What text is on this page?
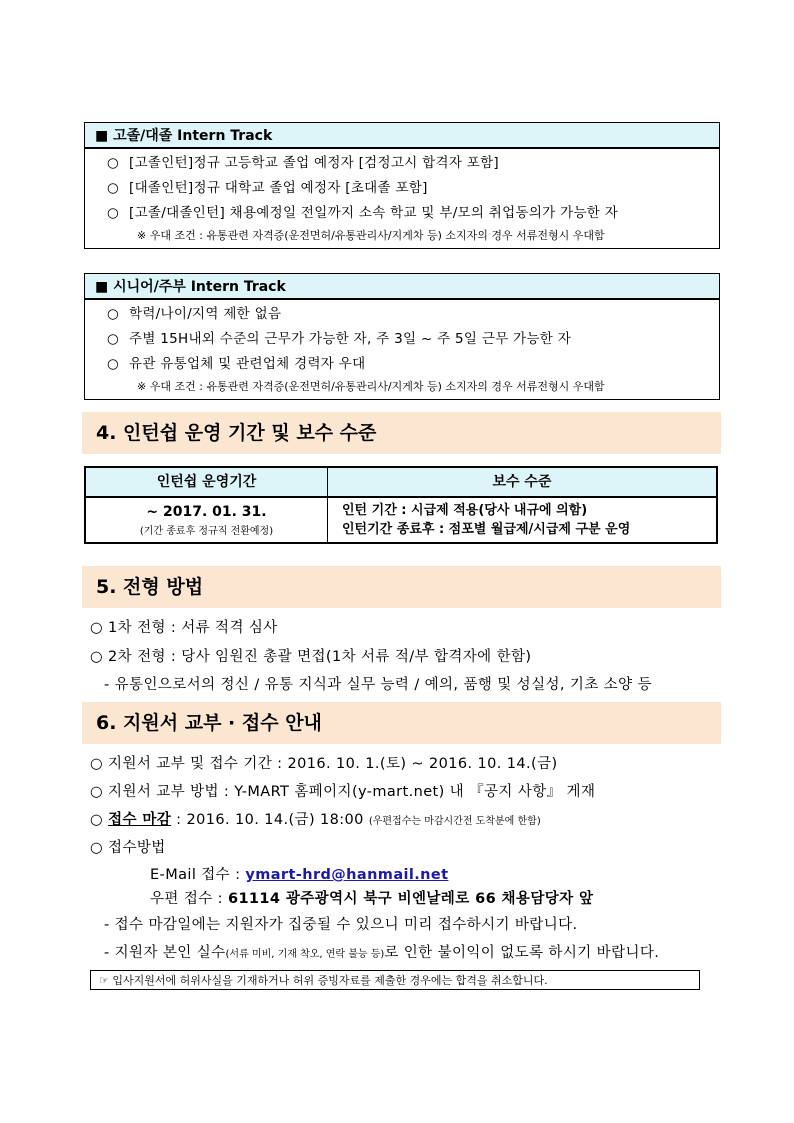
■ 고졸/대졸 Intern Track
○ [고졸인턴]정규 고등학교 졸업 예정자 [검정고시 합격자 포함]
○ [대졸인턴]정규 대학교 졸업 예정자 [초대졸 포함]
○ [고졸/대졸인턴] 채용예정일 전일까지 소속 학교 및 부/모의 취업동의가 가능한 자
※ 우대 조건 : 유통관련 자격증(운전면허/유통관리사/지게차 등) 소지자의 경우 서류전형시 우대함
■ 시니어/주부 Intern Track
○ 학력/나이/지역 제한 없음
○ 주별 15H내외 수준의 근무가 가능한 자, 주 3일 ~ 주 5일 근무 가능한 자
○ 유관 유통업체 및 관련업체 경력자 우대
※ 우대 조건 : 유통관련 자격증(운전면허/유통관리사/지게차 등) 소지자의 경우 서류전형시 우대함
4. 인턴쉽 운영 기간 및 보수 수준
인턴쉽 운영기간	보수 수준
~ 2017. 01. 31.
(기간 종료후 정규직 전환예정)
인턴 기간 : 시급제 적용(당사 내규에 의함)
인턴기간 종료후 : 점포별 월급제/시급제 구분 운영
5. 전형 방법
○ 1차 전형 : 서류 적격 심사
○ 2차 전형 : 당사 임원진 총괄 면접(1차 서류 적/부 합격자에 한함)
- 유통인으로서의 정신 / 유통 지식과 실무 능력 / 예의, 품행 및 성실성, 기초 소양 등
6. 지원서 교부 · 접수 안내
○ 지원서 교부 및 접수 기간 : 2016. 10. 1.(토) ~ 2016. 10. 14.(금)
○ 지원서 교부 방법 : Y-MART 홈페이지(y-mart.net) 내 『공지 사항』 게재
○ 접수 마감 : 2016. 10. 14.(금) 18:00 (우편접수는 마감시간전 도착분에 한함)
○ 접수방법
E-Mail 접수 : ymart-hrd@hanmail.net
우편 접수 : 61114 광주광역시 북구 비엔날레로 66 채용담당자 앞
- 접수 마감일에는 지원자가 집중될 수 있으니 미리 접수하시기 바랍니다.
- 지원자 본인 실수(서류 미비, 기재 착오, 연락 불능 등)로 인한 불이익이 없도록 하시기 바랍니다.
☞ 입사지원서에 허위사실을 기재하거나 허위 증빙자료를 제출한 경우에는 합격을 취소합니다.
